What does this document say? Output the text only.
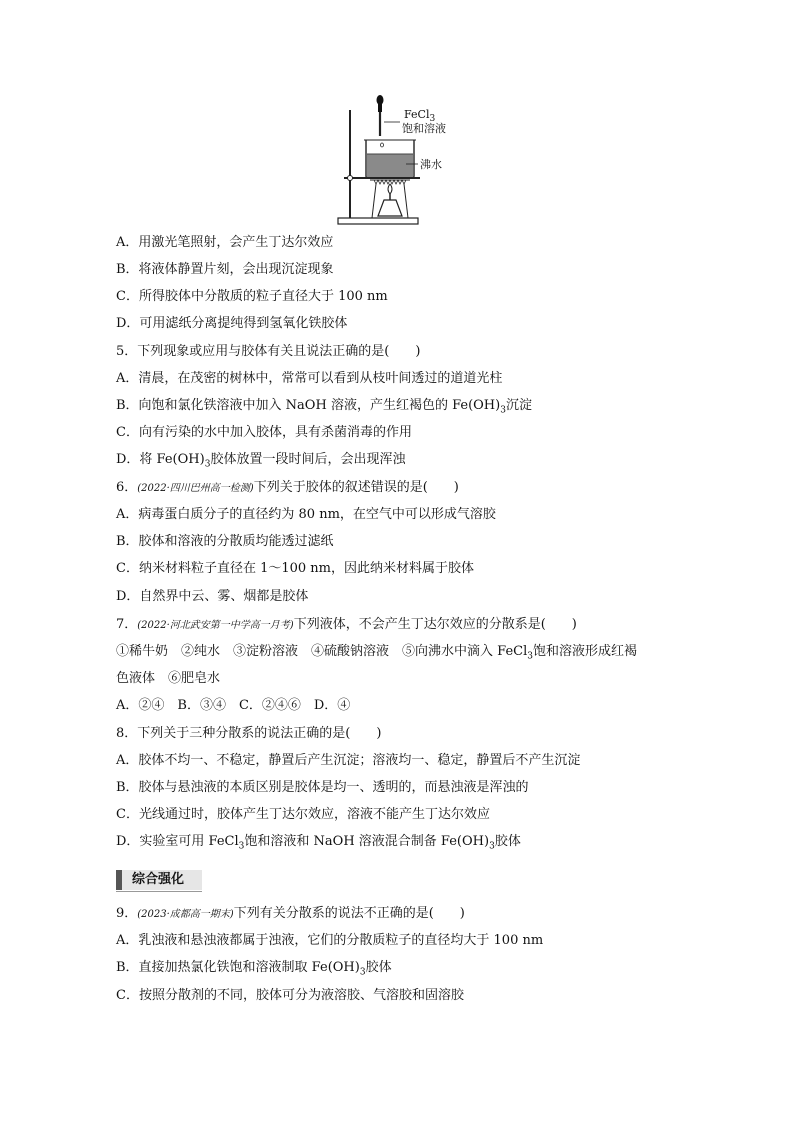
FeCl$_3$
饱和溶液
沸水
A．用激光笔照射，会产生丁达尔效应
B．将液体静置片刻，会出现沉淀现象
C．所得胶体中分散质的粒子直径大于 100 nm
D．可用滤纸分离提纯得到氢氧化铁胶体
5．下列现象或应用与胶体有关且说法正确的是(　　)
A．清晨，在茂密的树林中，常常可以看到从枝叶间透过的道道光柱
B．向饱和氯化铁溶液中加入 NaOH 溶液，产生红褐色的 $Fe(OH)_3$沉淀
C．向有污染的水中加入胶体，具有杀菌消毒的作用
D．将 $Fe(OH)_3$胶体放置一段时间后，会出现浑浊
6．(2022·四川巴州高一检测)下列关于胶体的叙述错误的是(　　)
A．病毒蛋白质分子的直径约为 80 nm，在空气中可以形成气溶胶
B．胶体和溶液的分散质均能透过滤纸
C．纳米材料粒子直径在 1～100 nm，因此纳米材料属于胶体
D．自然界中云、雾、烟都是胶体
7．(2022·河北武安第一中学高一月考)下列液体，不会产生丁达尔效应的分散系是(　　)
①稀牛奶　②纯水　③淀粉溶液　④硫酸钠溶液　⑤向沸水中滴入 FeCl$_3$饱和溶液形成红褐
色液体　⑥肥皂水
A．②④　B．③④　C．②④⑥　D．④
8．下列关于三种分散系的说法正确的是(　　)
A．胶体不均一、不稳定，静置后产生沉淀；溶液均一、稳定，静置后不产生沉淀
B．胶体与悬浊液的本质区别是胶体是均一、透明的，而悬浊液是浑浊的
C．光线通过时，胶体产生丁达尔效应，溶液不能产生丁达尔效应
D．实验室可用 FeCl$_3$饱和溶液和 NaOH 溶液混合制备 $Fe(OH)_3$胶体
综合强化
9．(2023·成都高一期末)下列有关分散系的说法不正确的是(　　)
A．乳浊液和悬浊液都属于浊液，它们的分散质粒子的直径均大于 100 nm
B．直接加热氯化铁饱和溶液制取 $Fe(OH)_3$胶体
C．按照分散剂的不同，胶体可分为液溶胶、气溶胶和固溶胶
